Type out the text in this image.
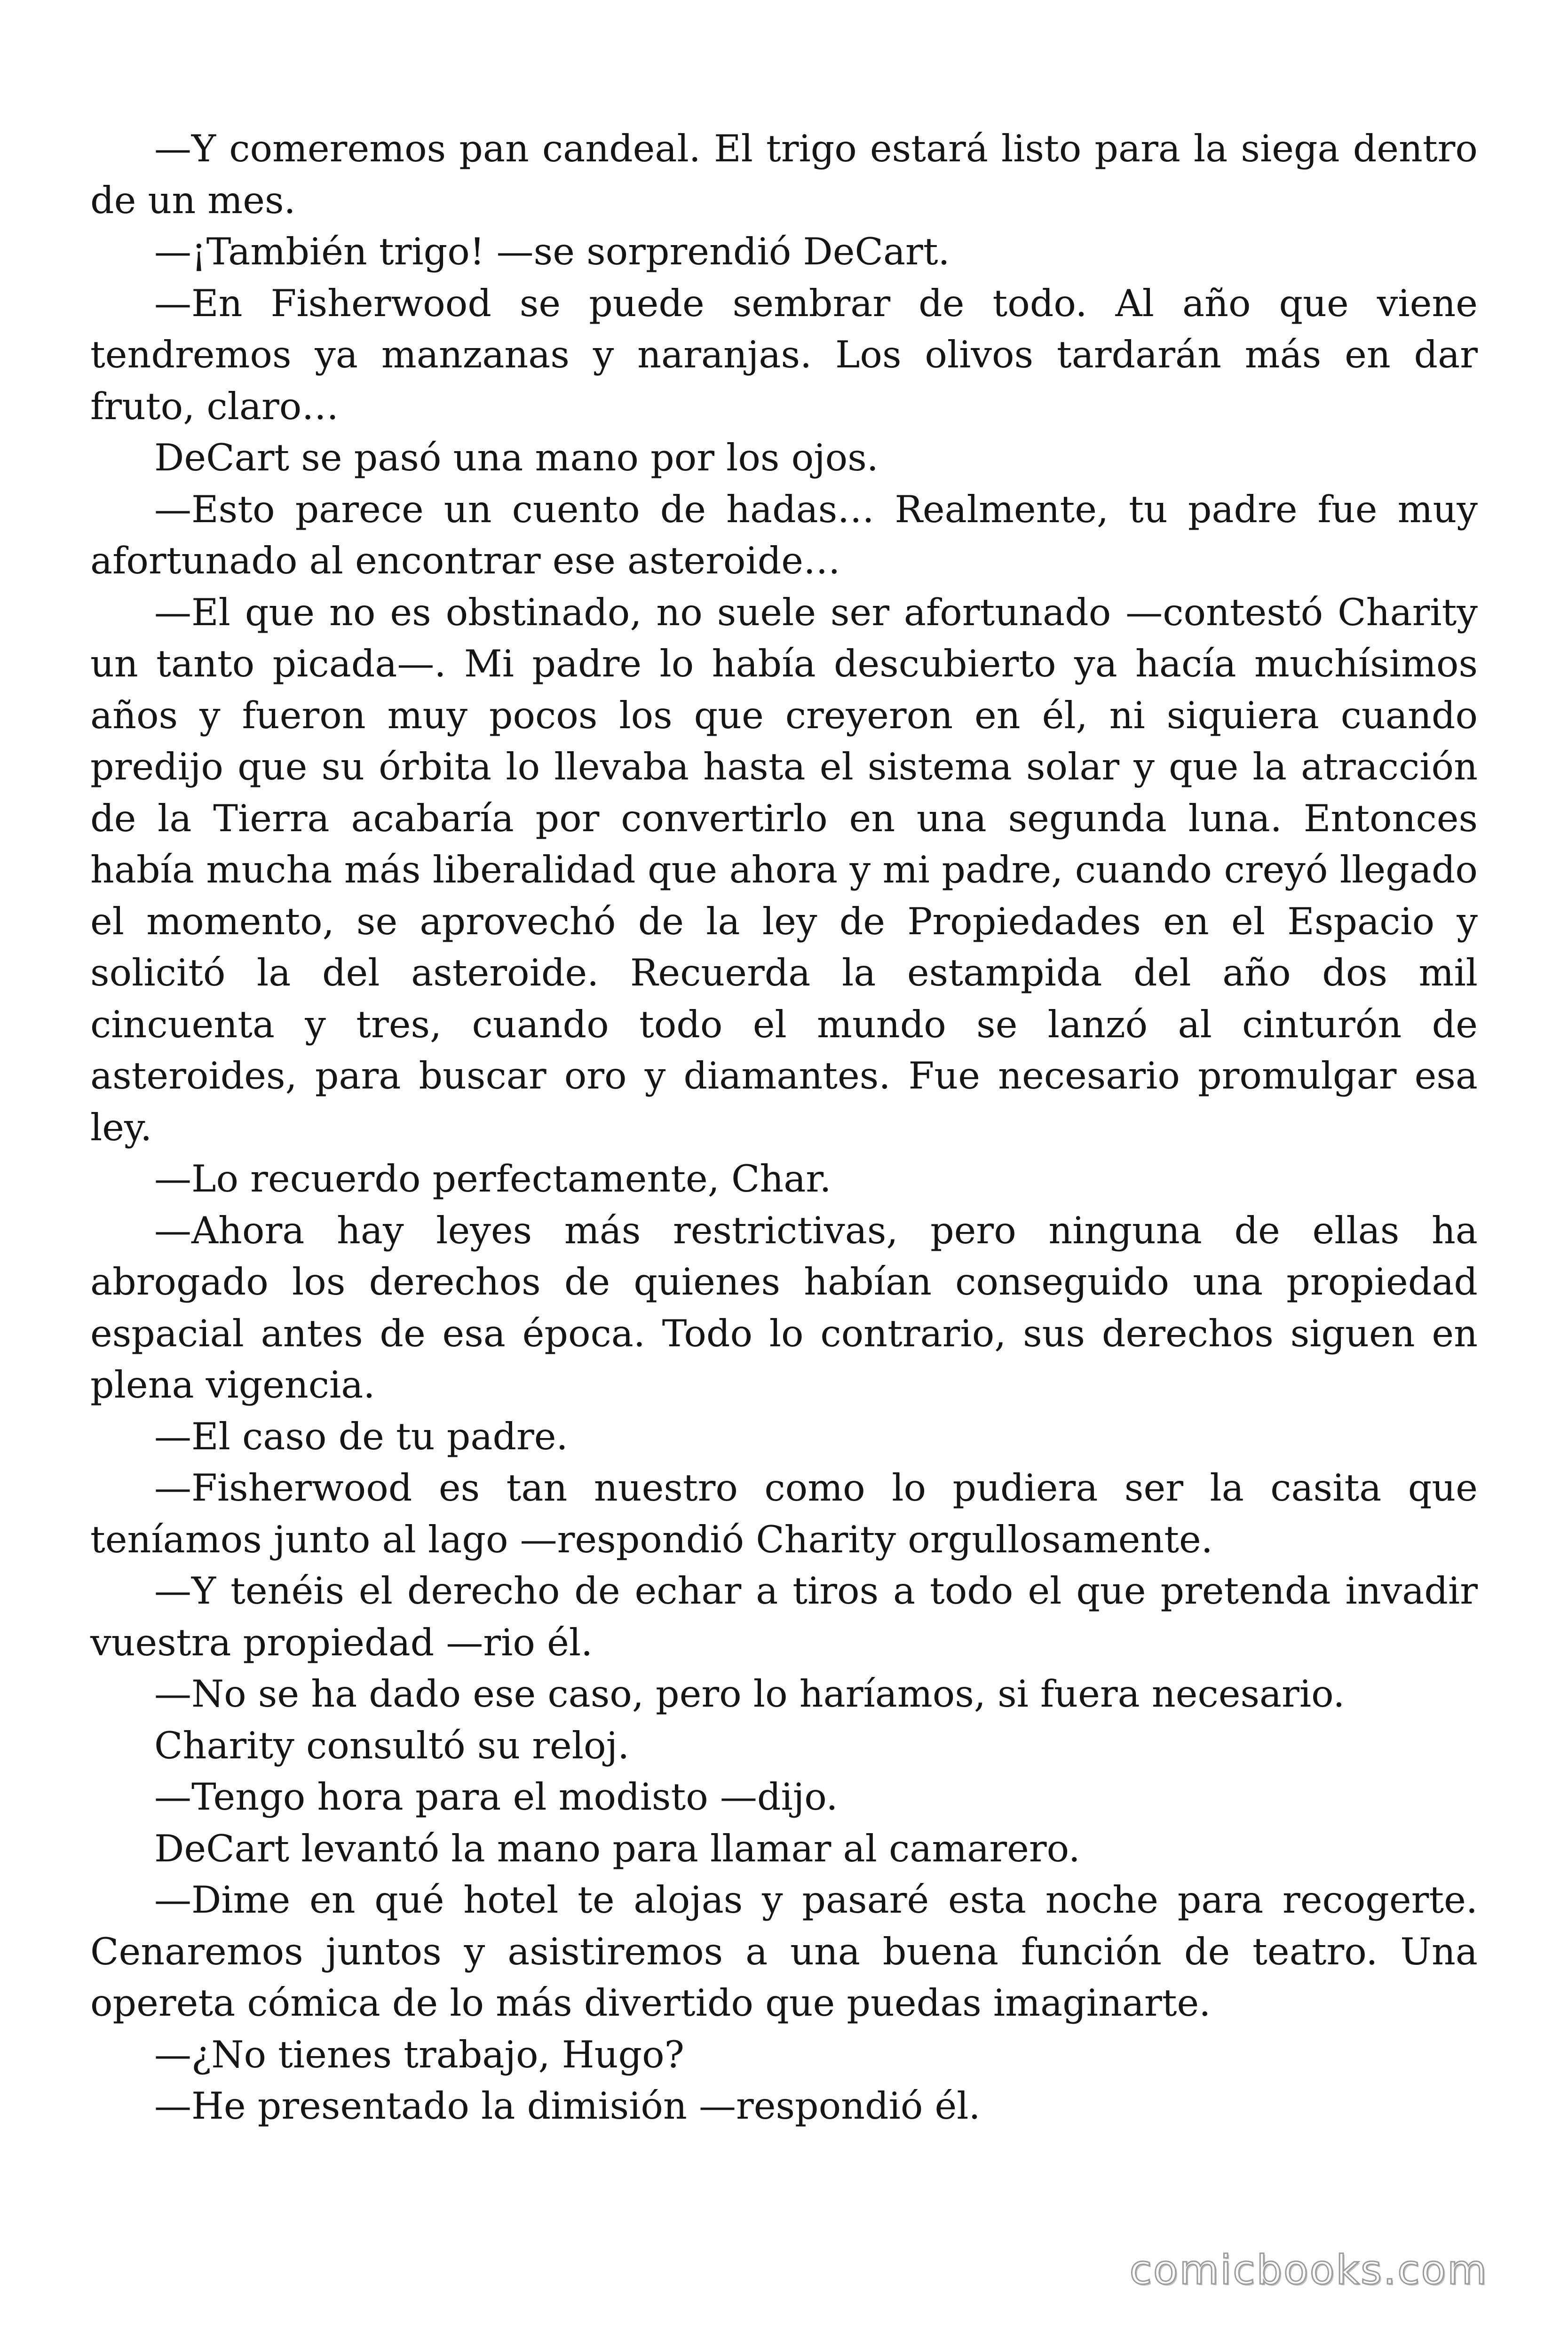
—Y comeremos pan candeal. El trigo estará listo para la siega dentro de un mes.

—¡También trigo! —se sorprendió DeCart.

—En Fisherwood se puede sembrar de todo. Al año que viene tendremos ya manzanas y naranjas. Los olivos tardarán más en dar fruto, claro…

DeCart se pasó una mano por los ojos.

—Esto parece un cuento de hadas… Realmente, tu padre fue muy afortunado al encontrar ese asteroide…

—El que no es obstinado, no suele ser afortunado —contestó Charity un tanto picada—. Mi padre lo había descubierto ya hacía muchísimos años y fueron muy pocos los que creyeron en él, ni siquiera cuando predijo que su órbita lo llevaba hasta el sistema solar y que la atracción de la Tierra acabaría por convertirlo en una segunda luna. Entonces había mucha más liberalidad que ahora y mi padre, cuando creyó llegado el momento, se aprovechó de la ley de Propiedades en el Espacio y solicitó la del asteroide. Recuerda la estampida del año dos mil cincuenta y tres, cuando todo el mundo se lanzó al cinturón de asteroides, para buscar oro y diamantes. Fue necesario promulgar esa ley.

—Lo recuerdo perfectamente, Char.

—Ahora hay leyes más restrictivas, pero ninguna de ellas ha abrogado los derechos de quienes habían conseguido una propiedad espacial antes de esa época. Todo lo contrario, sus derechos siguen en plena vigencia.

—El caso de tu padre.

—Fisherwood es tan nuestro como lo pudiera ser la casita que teníamos junto al lago —respondió Charity orgullosamente.

—Y tenéis el derecho de echar a tiros a todo el que pretenda invadir vuestra propiedad —rio él.

—No se ha dado ese caso, pero lo haríamos, si fuera necesario.

Charity consultó su reloj.

—Tengo hora para el modisto —dijo.

DeCart levantó la mano para llamar al camarero.

—Dime en qué hotel te alojas y pasaré esta noche para recogerte. Cenaremos juntos y asistiremos a una buena función de teatro. Una opereta cómica de lo más divertido que puedas imaginarte.

—¿No tienes trabajo, Hugo?

—He presentado la dimisión —respondió él.

comicbooks.com
